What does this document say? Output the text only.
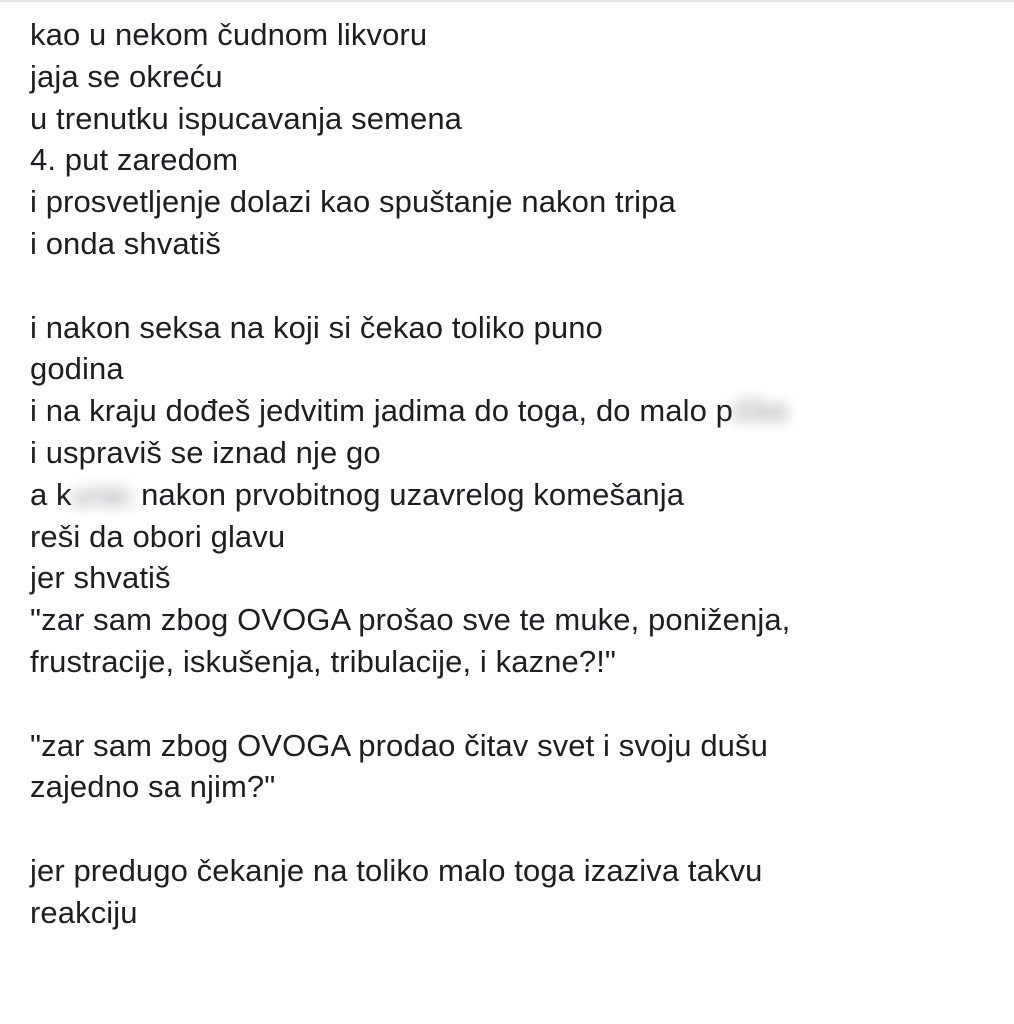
kao u nekom čudnom likvoru
jaja se okreću
u trenutku ispucavanja semena
4. put zaredom
i prosvetljenje dolazi kao spuštanje nakon tripa
i onda shvatiš
i nakon seksa na koji si čekao toliko puno
godina
i na kraju dođeš jedvitim jadima do toga, do malo pičke
i uspraviš se iznad nje go
a kurac nakon prvobitnog uzavrelog komešanja
reši da obori glavu
jer shvatiš
"zar sam zbog OVOGA prošao sve te muke, poniženja,
frustracije, iskušenja, tribulacije, i kazne?!"
"zar sam zbog OVOGA prodao čitav svet i svoju dušu
zajedno sa njim?"
jer predugo čekanje na toliko malo toga izaziva takvu
reakciju
